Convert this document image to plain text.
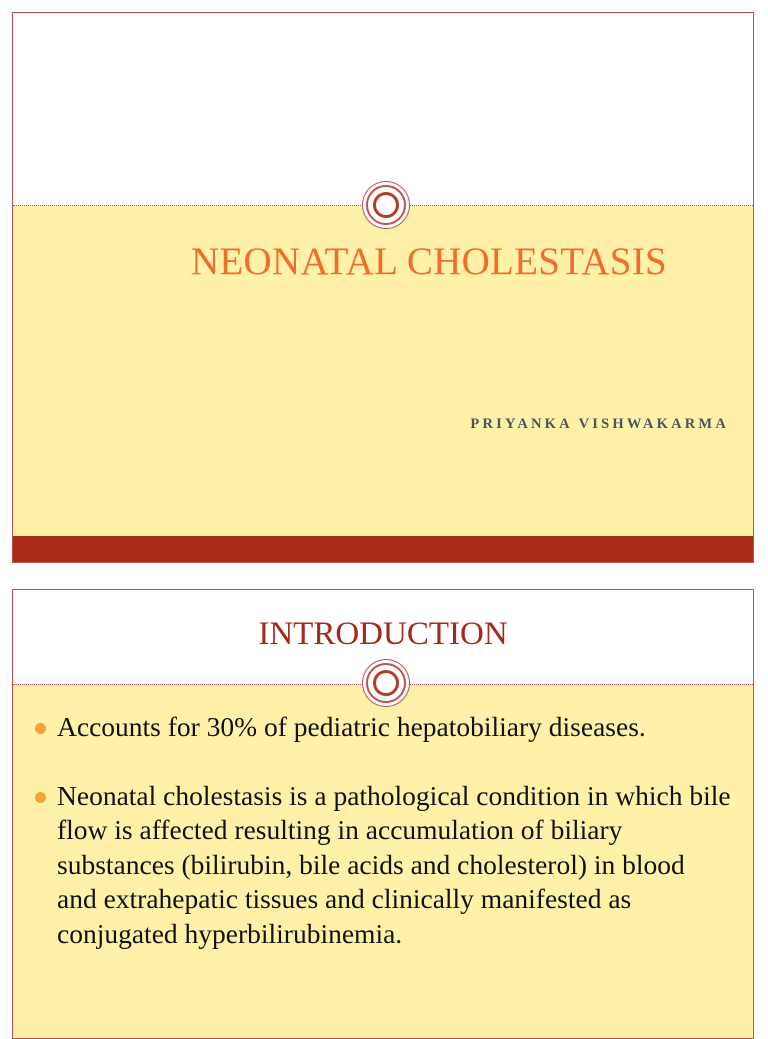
NEONATAL CHOLESTASIS
PRIYANKA VISHWAKARMA
INTRODUCTION
Accounts for 30% of pediatric hepatobiliary diseases.
Neonatal cholestasis is a pathological condition in which bile flow is affected resulting in accumulation of biliary substances (bilirubin, bile acids and cholesterol) in blood and extrahepatic tissues and clinically manifested as conjugated hyperbilirubinemia.
